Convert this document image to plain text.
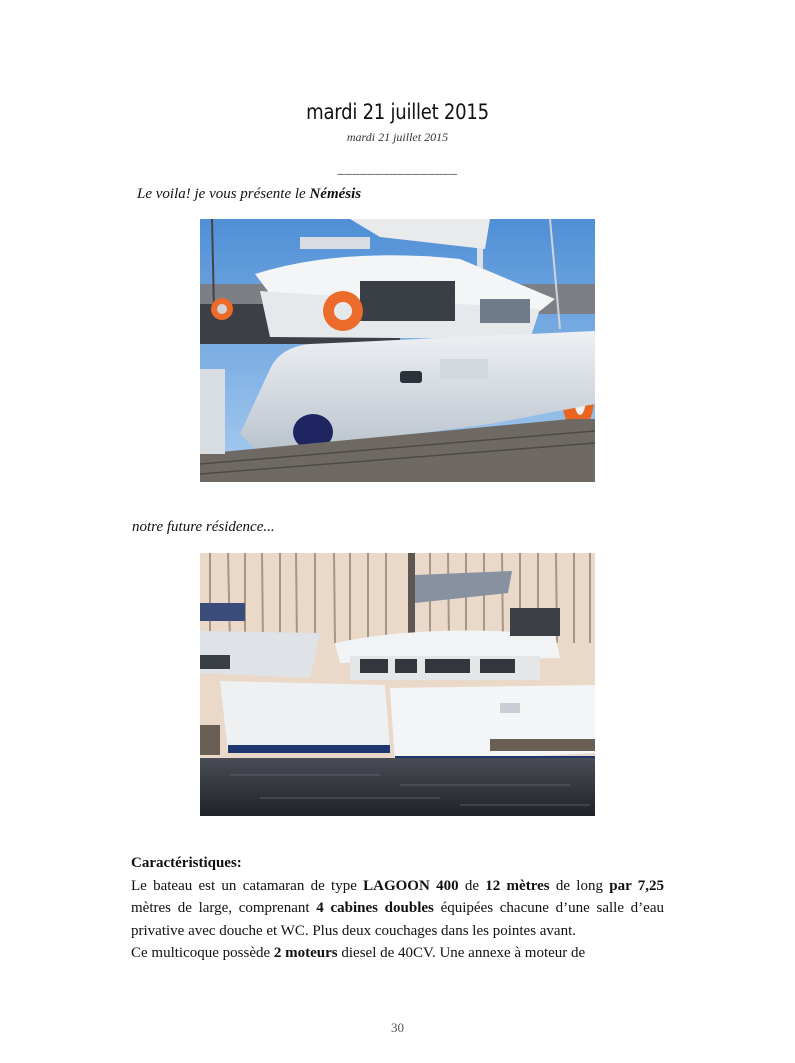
mardi 21 juillet 2015
mardi 21 juillet 2015
________________
Le voila! je vous présente le Némésis
notre future résidence...

Caractéristiques:

Le bateau est un catamaran de type LAGOON 400 de 12 mètres de long par 7,25 mètres de large, comprenant 4 cabines doubles équipées chacune d’une salle d’eau privative avec douche et WC. Plus deux couchages dans les pointes avant.

Ce multicoque possède 2 moteurs diesel de 40CV. Une annexe à moteur de

30
